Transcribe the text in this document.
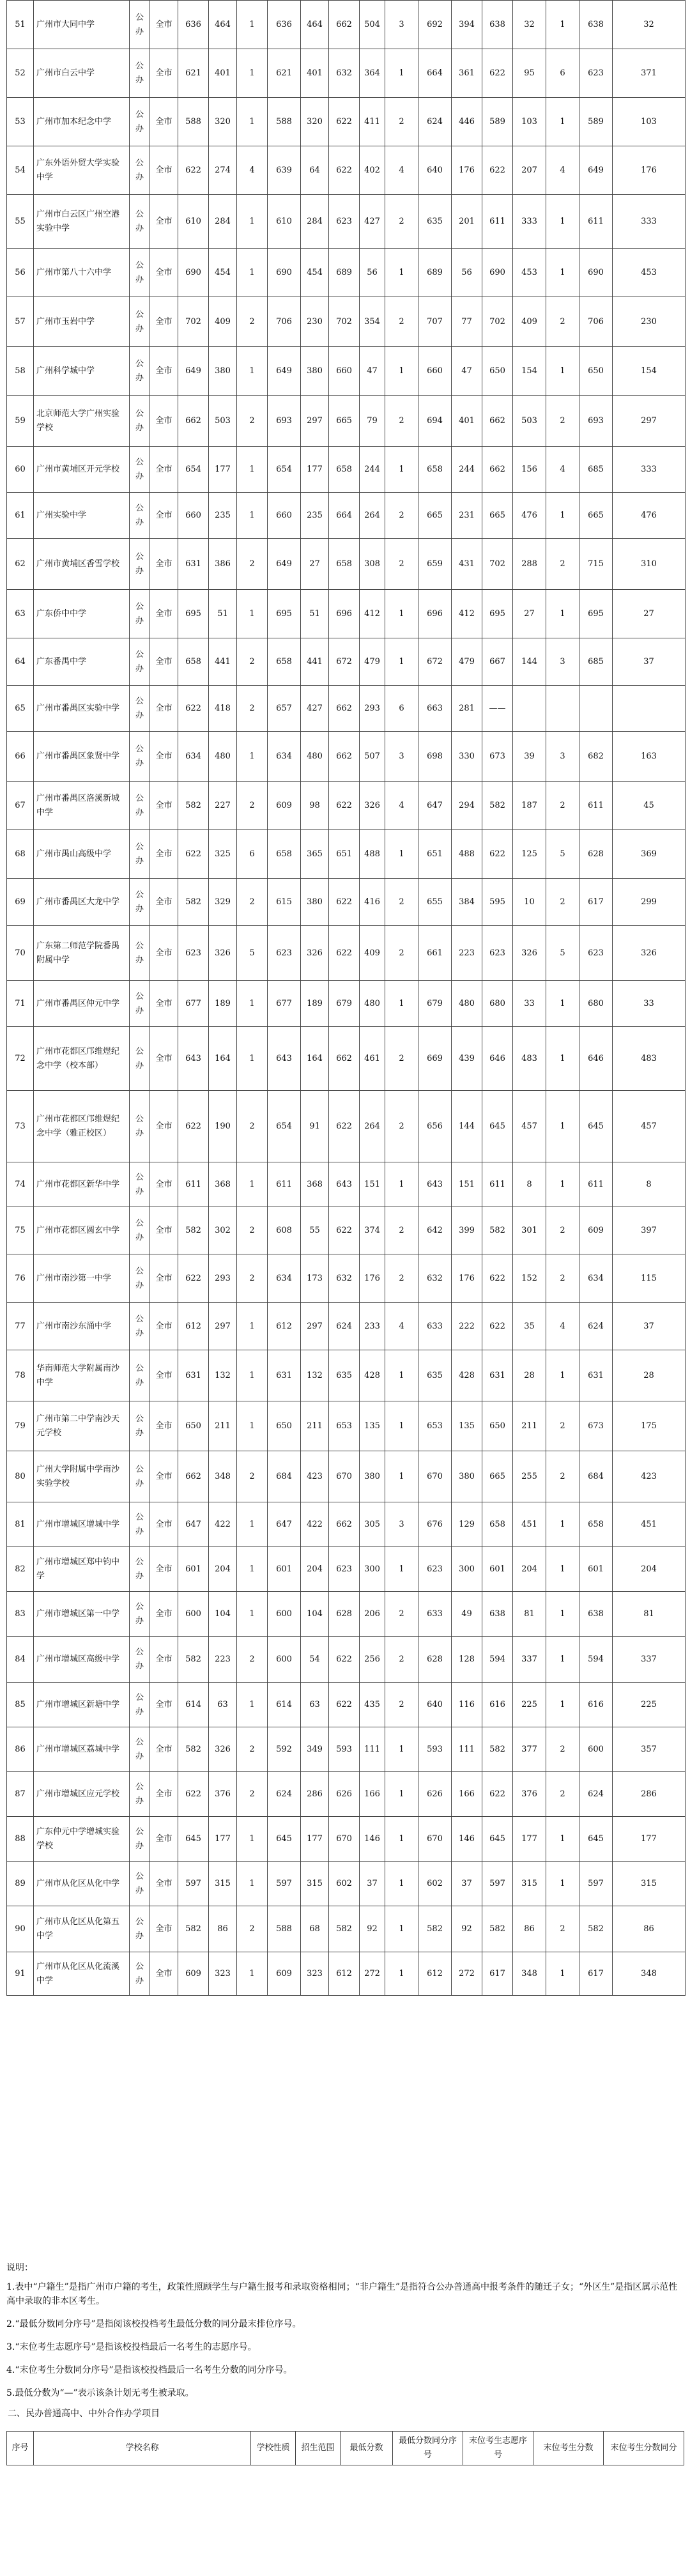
51	广州市大同中学	公办	全市	636	464	1	636	464	662	504	3	692	394	638	32	1	638	32
52	广州市白云中学	公办	全市	621	401	1	621	401	632	364	1	664	361	622	95	6	623	371
53	广州市加本纪念中学	公办	全市	588	320	1	588	320	622	411	2	624	446	589	103	1	589	103
54	广东外语外贸大学实验中学	公办	全市	622	274	4	639	64	622	402	4	640	176	622	207	4	649	176
55	广州市白云区广州空港实验中学	公办	全市	610	284	1	610	284	623	427	2	635	201	611	333	1	611	333
56	广州市第八十六中学	公办	全市	690	454	1	690	454	689	56	1	689	56	690	453	1	690	453
57	广州市玉岩中学	公办	全市	702	409	2	706	230	702	354	2	707	77	702	409	2	706	230
58	广州科学城中学	公办	全市	649	380	1	649	380	660	47	1	660	47	650	154	1	650	154
59	北京师范大学广州实验学校	公办	全市	662	503	2	693	297	665	79	2	694	401	662	503	2	693	297
60	广州市黄埔区开元学校	公办	全市	654	177	1	654	177	658	244	1	658	244	662	156	4	685	333
61	广州实验中学	公办	全市	660	235	1	660	235	664	264	2	665	231	665	476	1	665	476
62	广州市黄埔区香雪学校	公办	全市	631	386	2	649	27	658	308	2	659	431	702	288	2	715	310
63	广东侨中中学	公办	全市	695	51	1	695	51	696	412	1	696	412	695	27	1	695	27
64	广东番禺中学	公办	全市	658	441	2	658	441	672	479	1	672	479	667	144	3	685	37
65	广州市番禺区实验中学	公办	全市	622	418	2	657	427	662	293	6	663	281	——				
66	广州市番禺区象贤中学	公办	全市	634	480	1	634	480	662	507	3	698	330	673	39	3	682	163
67	广州市番禺区洛溪新城中学	公办	全市	582	227	2	609	98	622	326	4	647	294	582	187	2	611	45
68	广州市禺山高级中学	公办	全市	622	325	6	658	365	651	488	1	651	488	622	125	5	628	369
69	广州市番禺区大龙中学	公办	全市	582	329	2	615	380	622	416	2	655	384	595	10	2	617	299
70	广东第二师范学院番禺附属中学	公办	全市	623	326	5	623	326	622	409	2	661	223	623	326	5	623	326
71	广州市番禺区仲元中学	公办	全市	677	189	1	677	189	679	480	1	679	480	680	33	1	680	33
72	广州市花都区邝维煜纪念中学（校本部）	公办	全市	643	164	1	643	164	662	461	2	669	439	646	483	1	646	483
73	广州市花都区邝维煜纪念中学（雅正校区）	公办	全市	622	190	2	654	91	622	264	2	656	144	645	457	1	645	457
74	广州市花都区新华中学	公办	全市	611	368	1	611	368	643	151	1	643	151	611	8	1	611	8
75	广州市花都区圆玄中学	公办	全市	582	302	2	608	55	622	374	2	642	399	582	301	2	609	397
76	广州市南沙第一中学	公办	全市	622	293	2	634	173	632	176	2	632	176	622	152	2	634	115
77	广州市南沙东涌中学	公办	全市	612	297	1	612	297	624	233	4	633	222	622	35	4	624	37
78	华南师范大学附属南沙中学	公办	全市	631	132	1	631	132	635	428	1	635	428	631	28	1	631	28
79	广州市第二中学南沙天元学校	公办	全市	650	211	1	650	211	653	135	1	653	135	650	211	2	673	175
80	广州大学附属中学南沙实验学校	公办	全市	662	348	2	684	423	670	380	1	670	380	665	255	2	684	423
81	广州市增城区增城中学	公办	全市	647	422	1	647	422	662	305	3	676	129	658	451	1	658	451
82	广州市增城区郑中钧中学	公办	全市	601	204	1	601	204	623	300	1	623	300	601	204	1	601	204
83	广州市增城区第一中学	公办	全市	600	104	1	600	104	628	206	2	633	49	638	81	1	638	81
84	广州市增城区高级中学	公办	全市	582	223	2	600	54	622	256	2	628	128	594	337	1	594	337
85	广州市增城区新塘中学	公办	全市	614	63	1	614	63	622	435	2	640	116	616	225	1	616	225
86	广州市增城区荔城中学	公办	全市	582	326	2	592	349	593	111	1	593	111	582	377	2	600	357
87	广州市增城区应元学校	公办	全市	622	376	2	624	286	626	166	1	626	166	622	376	2	624	286
88	广东仲元中学增城实验学校	公办	全市	645	177	1	645	177	670	146	1	670	146	645	177	1	645	177
89	广州市从化区从化中学	公办	全市	597	315	1	597	315	602	37	1	602	37	597	315	1	597	315
90	广州市从化区从化第五中学	公办	全市	582	86	2	588	68	582	92	1	582	92	582	86	2	582	86
91	广州市从化区从化流溪中学	公办	全市	609	323	1	609	323	612	272	1	612	272	617	348	1	617	348

说明：

1.表中“户籍生”是指广州市户籍的考生，政策性照顾学生与户籍生报考和录取资格相同；“非户籍生”是指符合公办普通高中报考条件的随迁子女；“外区生”是指区属示范性高中录取的非本区考生。

2.“最低分数同分序号”是指阅该校投档考生最低分数的同分最末排位序号。

3.“末位考生志愿序号”是指该校投档最后一名考生的志愿序号。

4.“末位考生分数同分序号”是指该校投档最后一名考生分数的同分序号。

5.最低分数为“—”表示该条计划无考生被录取。

二、民办普通高中、中外合作办学项目
序号	学校名称	学校性质	招生范围	最低分数	最低分数同分序号	末位考生志愿序号	末位考生分数	末位考生分数同分
